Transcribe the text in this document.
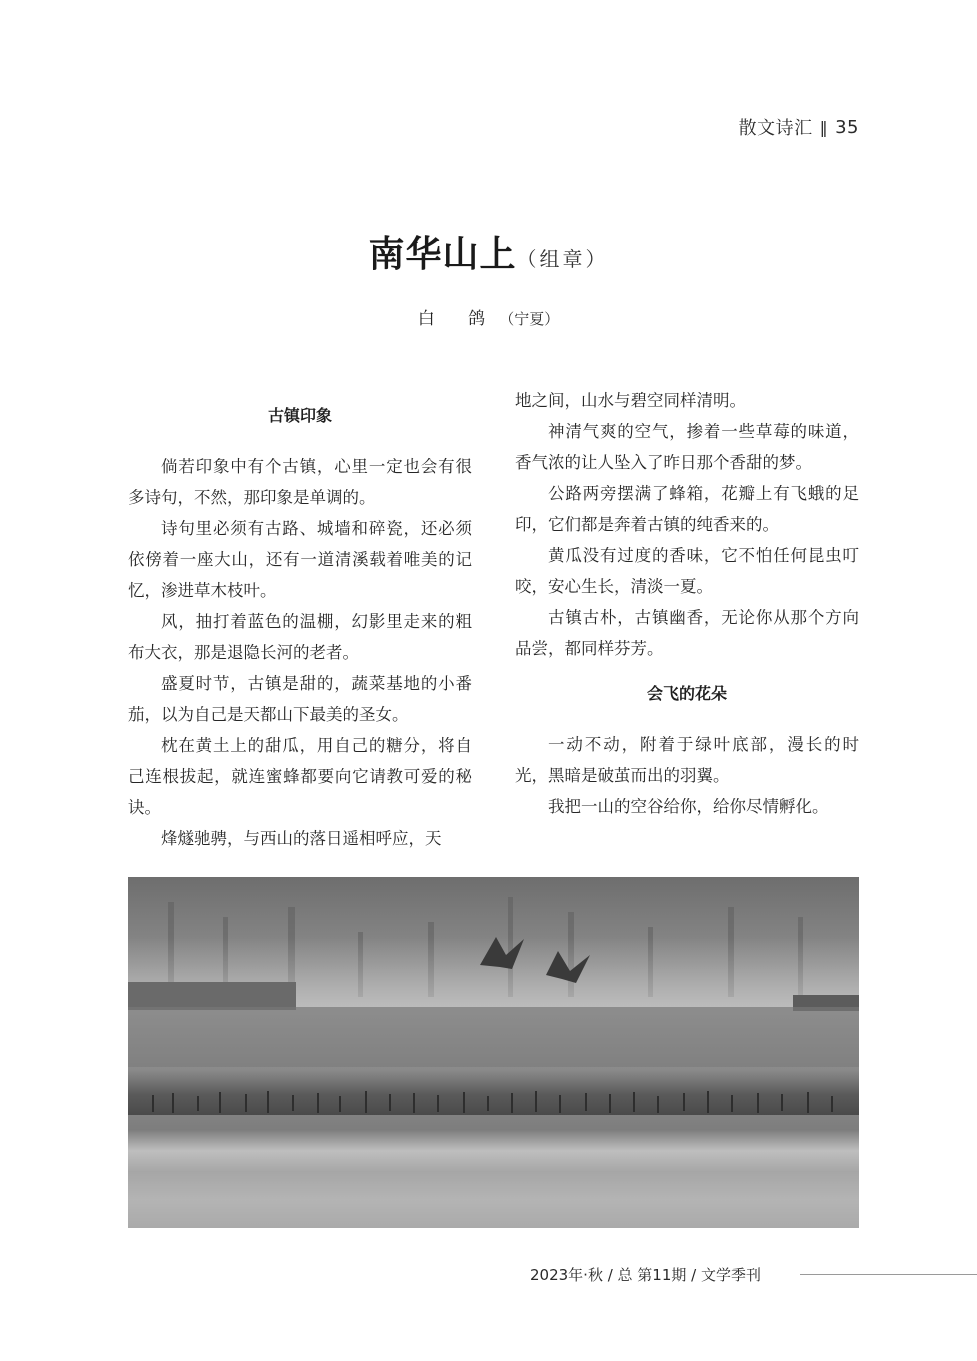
散文诗汇 ‖ 35
南华山上（组章）
白 鸽（宁夏）
古镇印象

倘若印象中有个古镇，心里一定也会有很多诗句，不然，那印象是单调的。

诗句里必须有古路、城墙和碎瓷，还必须依傍着一座大山，还有一道清溪载着唯美的记忆，渗进草木枝叶。

风，抽打着蓝色的温棚，幻影里走来的粗布大衣，那是退隐长河的老者。

盛夏时节，古镇是甜的，蔬菜基地的小番茄，以为自己是天都山下最美的圣女。

枕在黄土上的甜瓜，用自己的糖分，将自己连根拔起，就连蜜蜂都要向它请教可爱的秘诀。

烽燧驰骋，与西山的落日遥相呼应，天

地之间，山水与碧空同样清明。

神清气爽的空气，掺着一些草莓的味道，香气浓的让人坠入了昨日那个香甜的梦。

公路两旁摆满了蜂箱，花瓣上有飞蛾的足印，它们都是奔着古镇的纯香来的。

黄瓜没有过度的香味，它不怕任何昆虫叮咬，安心生长，清淡一夏。

古镇古朴，古镇幽香，无论你从那个方向品尝，都同样芬芳。

会飞的花朵

一动不动，附着于绿叶底部，漫长的时光，黑暗是破茧而出的羽翼。

我把一山的空谷给你，给你尽情孵化。

2023年·秋 / 总 第11期 / 文学季刊
